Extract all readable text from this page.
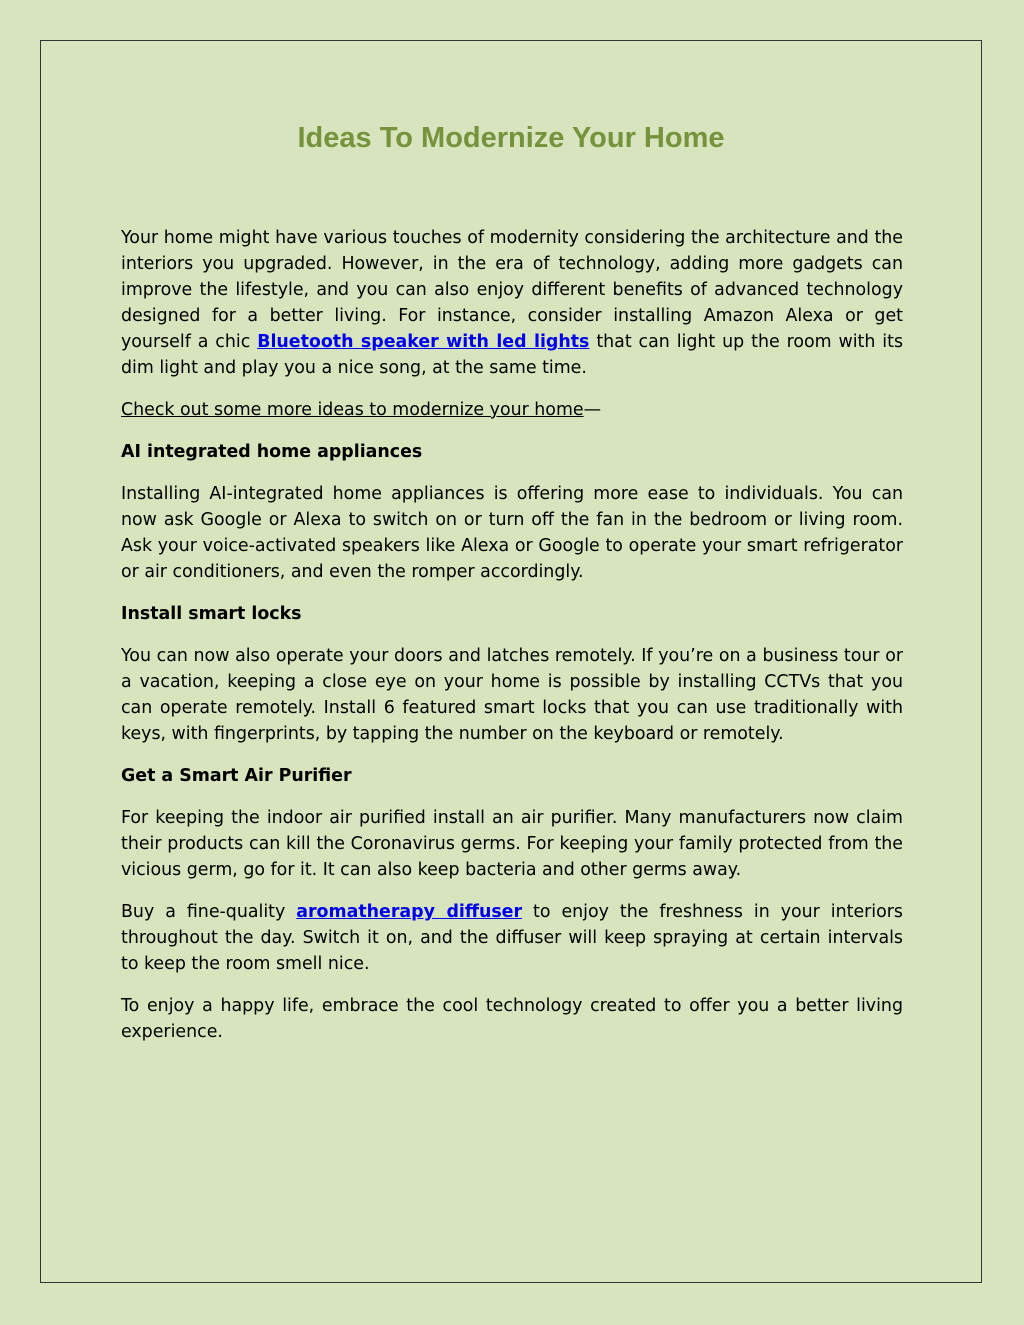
Ideas To Modernize Your Home

Your home might have various touches of modernity considering the architecture and the interiors you upgraded. However, in the era of technology, adding more gadgets can improve the lifestyle, and you can also enjoy different benefits of advanced technology designed for a better living. For instance, consider installing Amazon Alexa or get yourself a chic Bluetooth speaker with led lights that can light up the room with its dim light and play you a nice song, at the same time.

Check out some more ideas to modernize your home—

AI integrated home appliances

Installing AI-integrated home appliances is offering more ease to individuals. You can now ask Google or Alexa to switch on or turn off the fan in the bedroom or living room. Ask your voice-activated speakers like Alexa or Google to operate your smart refrigerator or air conditioners, and even the romper accordingly.

Install smart locks

You can now also operate your doors and latches remotely. If you’re on a business tour or a vacation, keeping a close eye on your home is possible by installing CCTVs that you can operate remotely. Install 6 featured smart locks that you can use traditionally with keys, with fingerprints, by tapping the number on the keyboard or remotely.

Get a Smart Air Purifier

For keeping the indoor air purified install an air purifier. Many manufacturers now claim their products can kill the Coronavirus germs. For keeping your family protected from the vicious germ, go for it. It can also keep bacteria and other germs away.

Buy a fine-quality aromatherapy diffuser to enjoy the freshness in your interiors throughout the day. Switch it on, and the diffuser will keep spraying at certain intervals to keep the room smell nice.

To enjoy a happy life, embrace the cool technology created to offer you a better living experience.
